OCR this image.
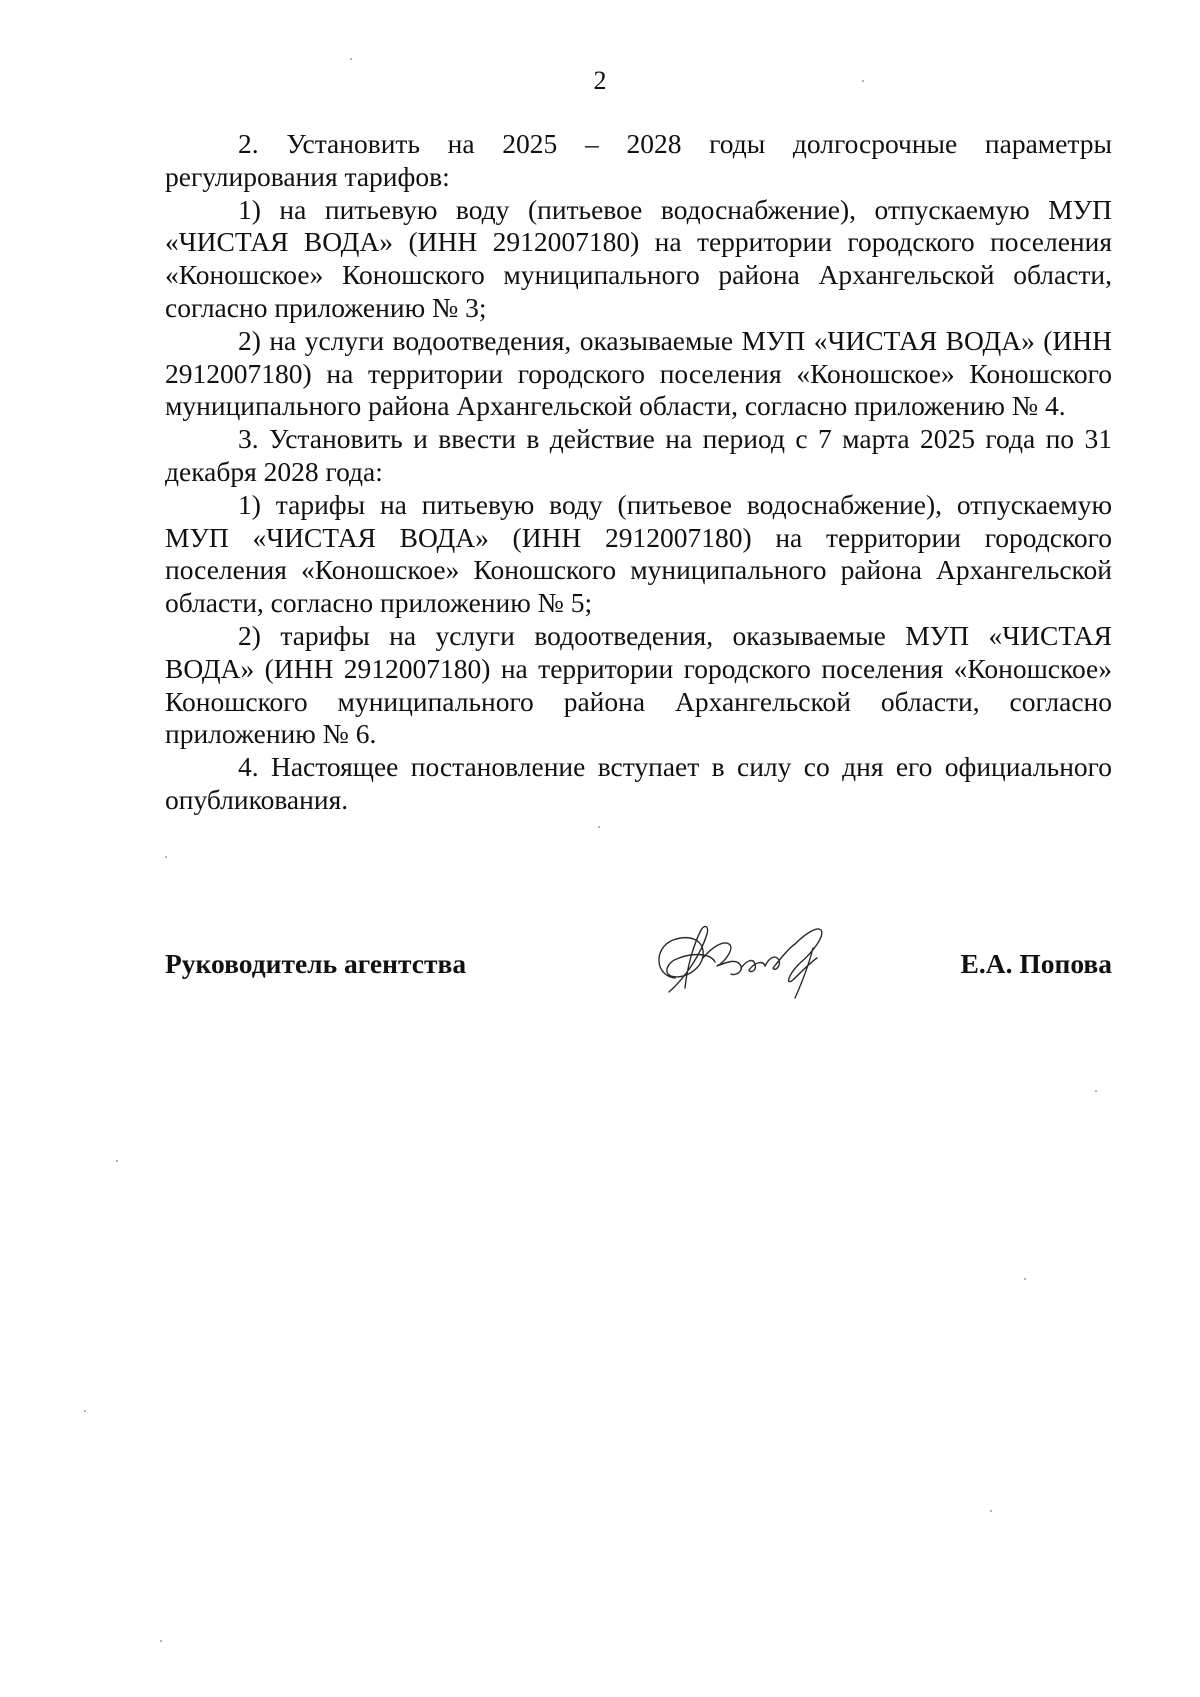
2

2. Установить на 2025 – 2028 годы долгосрочные параметры регулирования тарифов:

1) на питьевую воду (питьевое водоснабжение), отпускаемую МУП «ЧИСТАЯ ВОДА» (ИНН 2912007180) на территории городского поселения «Коношское» Коношского муниципального района Архангельской области, согласно приложению № 3;

2) на услуги водоотведения, оказываемые МУП «ЧИСТАЯ ВОДА» (ИНН 2912007180) на территории городского поселения «Коношское» Коношского муниципального района Архангельской области, согласно приложению № 4.

3. Установить и ввести в действие на период с 7 марта 2025 года по 31 декабря 2028 года:

1) тарифы на питьевую воду (питьевое водоснабжение), отпускаемую МУП «ЧИСТАЯ ВОДА» (ИНН 2912007180) на территории городского поселения «Коношское» Коношского муниципального района Архангельской области, согласно приложению № 5;

2) тарифы на услуги водоотведения, оказываемые МУП «ЧИСТАЯ ВОДА» (ИНН 2912007180) на территории городского поселения «Коношское» Коношского муниципального района Архангельской области, согласно приложению № 6.

4. Настоящее постановление вступает в силу со дня его официального опубликования.

Руководитель агентства	Е.А. Попова
